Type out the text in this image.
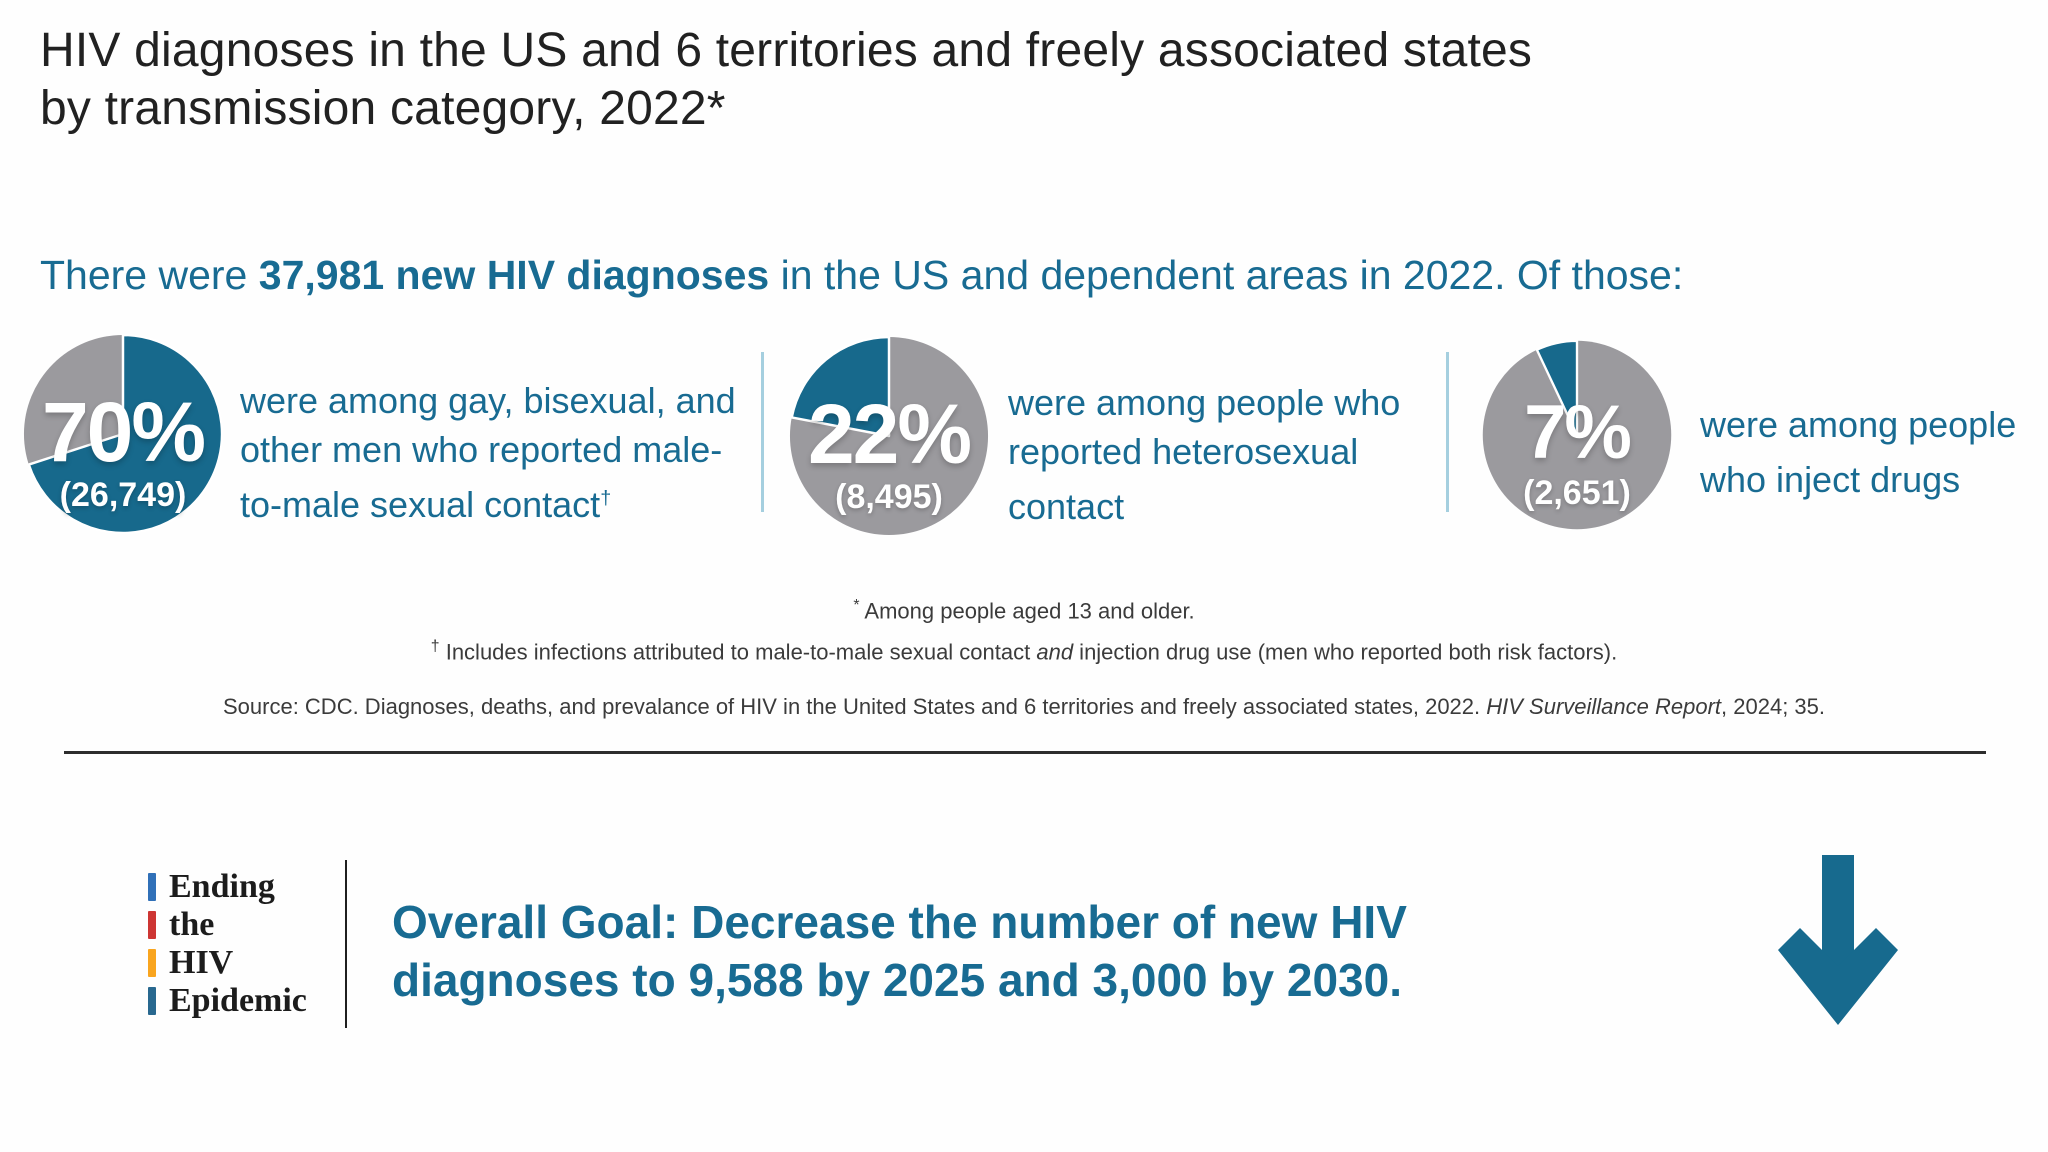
HIV diagnoses in the US and 6 territories and freely associated states
by transmission category, 2022*
There were 37,981 new HIV diagnoses in the US and dependent areas in 2022. Of those:
70%
(26,749)
were among gay, bisexual, and other men who reported male-to-male sexual contact†
22%
(8,495)
were among people who reported heterosexual contact
7%
(2,651)
were among people who inject drugs
* Among people aged 13 and older.
† Includes infections attributed to male-to-male sexual contact and injection drug use (men who reported both risk factors).
Source: CDC. Diagnoses, deaths, and prevalance of HIV in the United States and 6 territories and freely associated states, 2022. HIV Surveillance Report, 2024; 35.
Ending
the
HIV
Epidemic
Overall Goal: Decrease the number of new HIV diagnoses to 9,588 by 2025 and 3,000 by 2030.
